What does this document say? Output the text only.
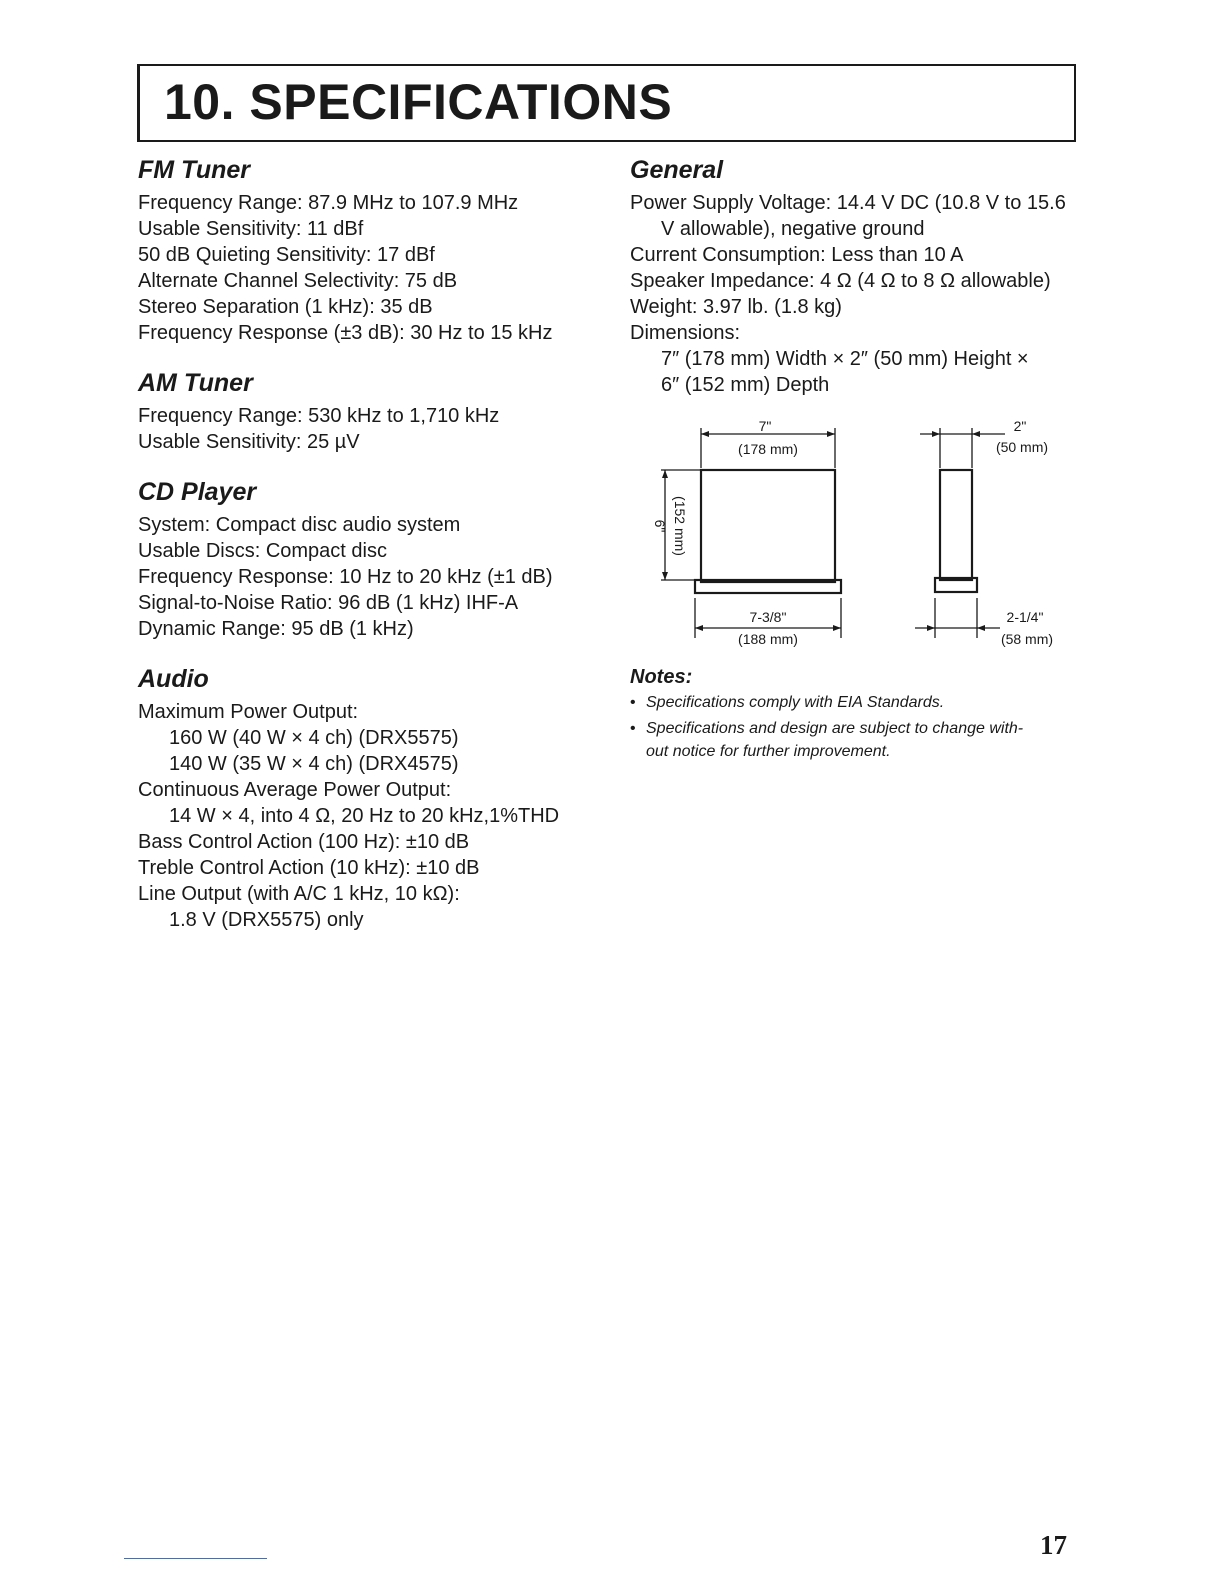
10. SPECIFICATIONS
FM Tuner
Frequency Range: 87.9 MHz to 107.9 MHz
Usable Sensitivity: 11 dBf
50 dB Quieting Sensitivity: 17 dBf
Alternate Channel Selectivity: 75 dB
Stereo Separation (1 kHz): 35 dB
Frequency Response (±3 dB): 30 Hz to 15 kHz
AM Tuner
Frequency Range: 530 kHz to 1,710 kHz
Usable Sensitivity: 25 µV
CD Player
System: Compact disc audio system
Usable Discs: Compact disc
Frequency Response: 10 Hz to 20 kHz (±1 dB)
Signal-to-Noise Ratio: 96 dB (1 kHz) IHF-A
Dynamic Range: 95 dB (1 kHz)
Audio
Maximum Power Output:
160 W (40 W × 4 ch) (DRX5575)
140 W (35 W × 4 ch) (DRX4575)
Continuous Average Power Output:
14 W × 4, into 4 Ω, 20 Hz to 20 kHz,1%THD
Bass Control Action (100 Hz): ±10 dB
Treble Control Action (10 kHz): ±10 dB
Line Output (with A/C 1 kHz, 10 kΩ):
1.8 V (DRX5575) only
General
Power Supply Voltage: 14.4 V DC (10.8 V to 15.6
V allowable), negative ground
Current Consumption: Less than 10 A
Speaker Impedance: 4 Ω (4 Ω to 8 Ω allowable)
Weight: 3.97 lb. (1.8 kg)
Dimensions:
7″ (178 mm) Width × 2″ (50 mm) Height ×
6″ (152 mm) Depth
7"
(178 mm)
6" (152 mm)
7-3/8"
(188 mm)
2"
(50 mm)
2-1/4"
(58 mm)
Notes:
• Specifications comply with EIA Standards.
• Specifications and design are subject to change with-
out notice for further improvement.
17
